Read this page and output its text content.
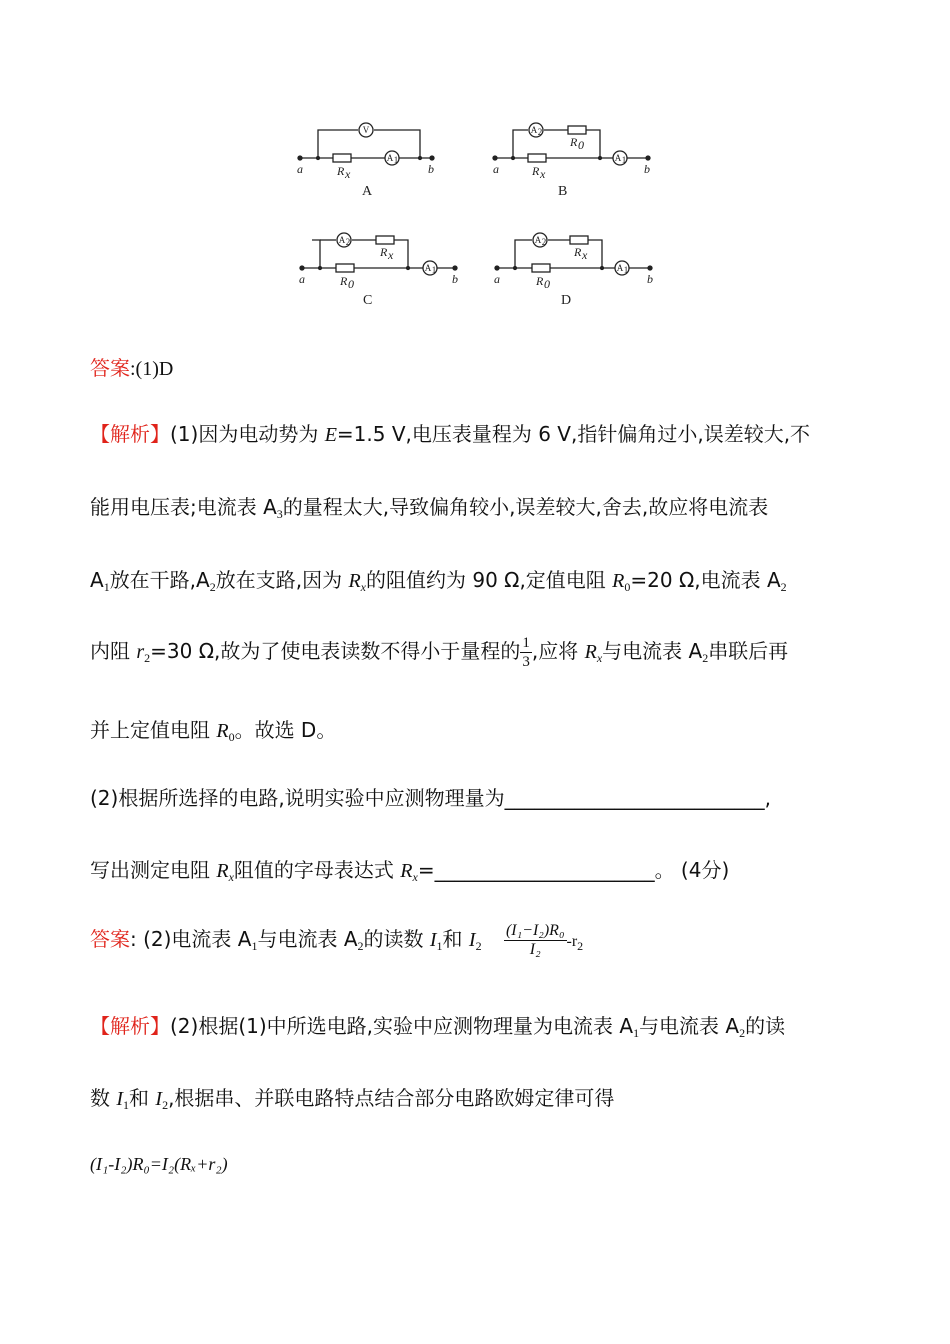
V
A 1
A 2
A 1
A 2
A 1
A 2
A 1
a	b
R x
A
a	b
R 0
R x
B
a	b
R x
R 0
C
a	b
R x
R 0
D
答案:(1)D
【解析】(1)因为电动势为 E=1.5 V,电压表量程为 6 V,指针偏角过小,误差较大,不
能用电压表;电流表 $A_3$的量程太大,导致偏角较小,误差较大,舍去,故应将电流表
$A_1$放在干路$,A_2$放在支路,因为 $R_x$的阻值约为 90 Ω,定值电阻 $R_0=20$ Ω,电流表 $A_2$
内阻 $r_2=30$ Ω,故为了使电表读数不得小于量程的 $\frac{1}{3}$ ,应将 $R_x$与电流表 $A_2$串联后再
并上定值电阻 $R_0$。故选 D。
(2)根据所选择的电路,说明实验中应测物理量为__________________________,
写出测定电阻 $R_x$阻值的字母表达式 $R_x=\_\_\_\_\_\_\_\_\_\_\_\_\_\_\_\_\_\_\_\_\_\_$。 (4分)
答案: (2)电流表 $A_1$与电流表 $A_2$的读数 $I_1$和 $I_2 \frac{\text{(I₁−I₂)R₀}}{\text{I₂}} -r_2$
【解析】(2)根据(1)中所选电路,实验中应测物理量为电流表 $A_1$与电流表 $A_2$的读
数 $I_1$和 $I_2$,根据串、并联电路特点结合部分电路欧姆定律可得
(I₁-I₂)R₀=I₂(Rₓ+r₂)
